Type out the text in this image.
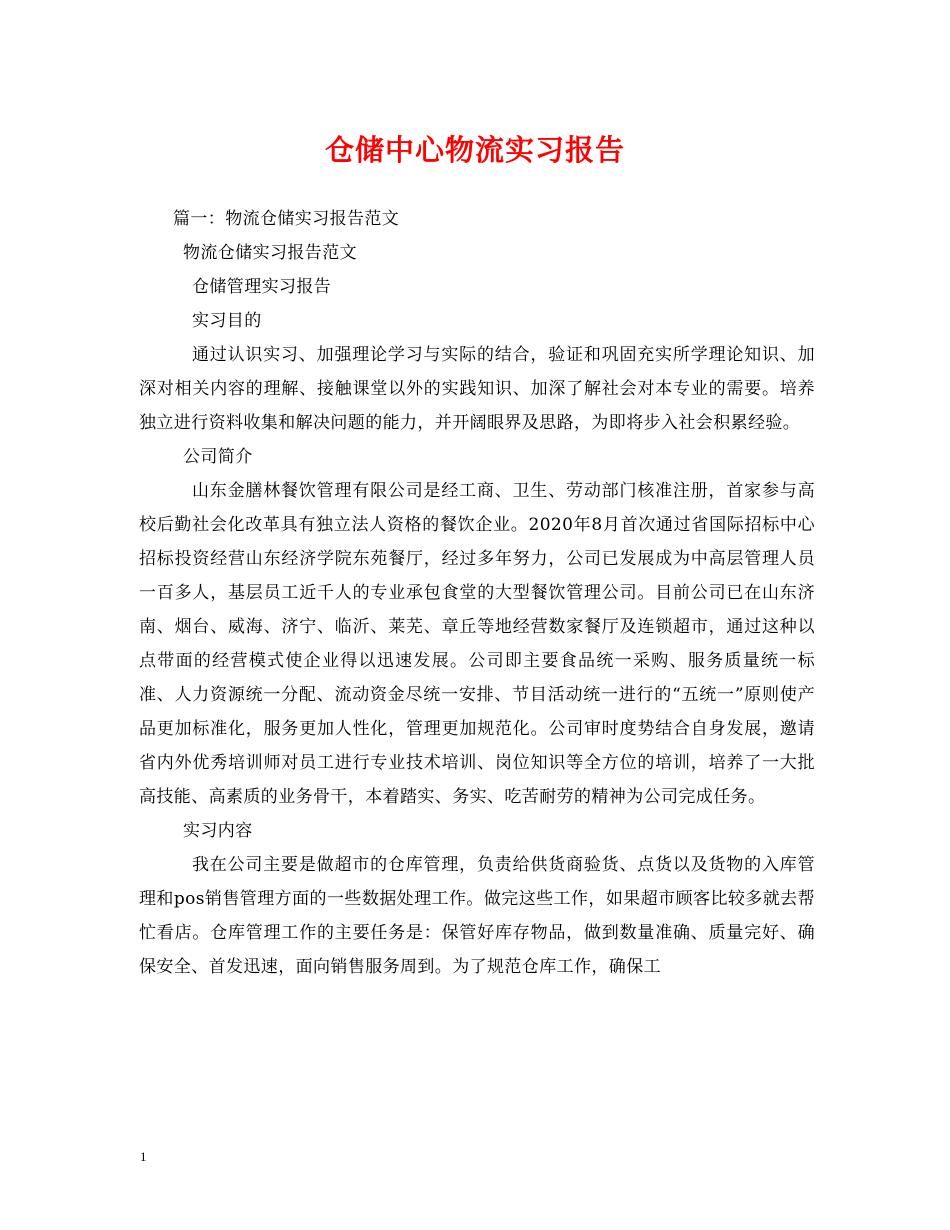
仓储中心物流实习报告
篇一：物流仓储实习报告范文
物流仓储实习报告范文
仓储管理实习报告
实习目的
通过认识实习、加强理论学习与实际的结合，验证和巩固充实所学理论知识、加深对相关内容的理解、接触课堂以外的实践知识、加深了解社会对本专业的需要。培养独立进行资料收集和解决问题的能力，并开阔眼界及思路，为即将步入社会积累经验。
公司简介
山东金膳林餐饮管理有限公司是经工商、卫生、劳动部门核准注册，首家参与高校后勤社会化改革具有独立法人资格的餐饮企业。2020年8月首次通过省国际招标中心招标投资经营山东经济学院东苑餐厅，经过多年努力，公司已发展成为中高层管理人员一百多人，基层员工近千人的专业承包食堂的大型餐饮管理公司。目前公司已在山东济南、烟台、威海、济宁、临沂、莱芜、章丘等地经营数家餐厅及连锁超市，通过这种以点带面的经营模式使企业得以迅速发展。公司即主要食品统一采购、服务质量统一标准、人力资源统一分配、流动资金尽统一安排、节目活动统一进行的“五统一”原则使产品更加标准化，服务更加人性化，管理更加规范化。公司审时度势结合自身发展，邀请省内外优秀培训师对员工进行专业技术培训、岗位知识等全方位的培训，培养了一大批高技能、高素质的业务骨干，本着踏实、务实、吃苦耐劳的精神为公司完成任务。
实习内容
我在公司主要是做超市的仓库管理，负责给供货商验货、点货以及货物的入库管理和pos销售管理方面的一些数据处理工作。做完这些工作，如果超市顾客比较多就去帮忙看店。仓库管理工作的主要任务是：保管好库存物品，做到数量准确、质量完好、确保安全、首发迅速，面向销售服务周到。为了规范仓库工作，确保工
1
